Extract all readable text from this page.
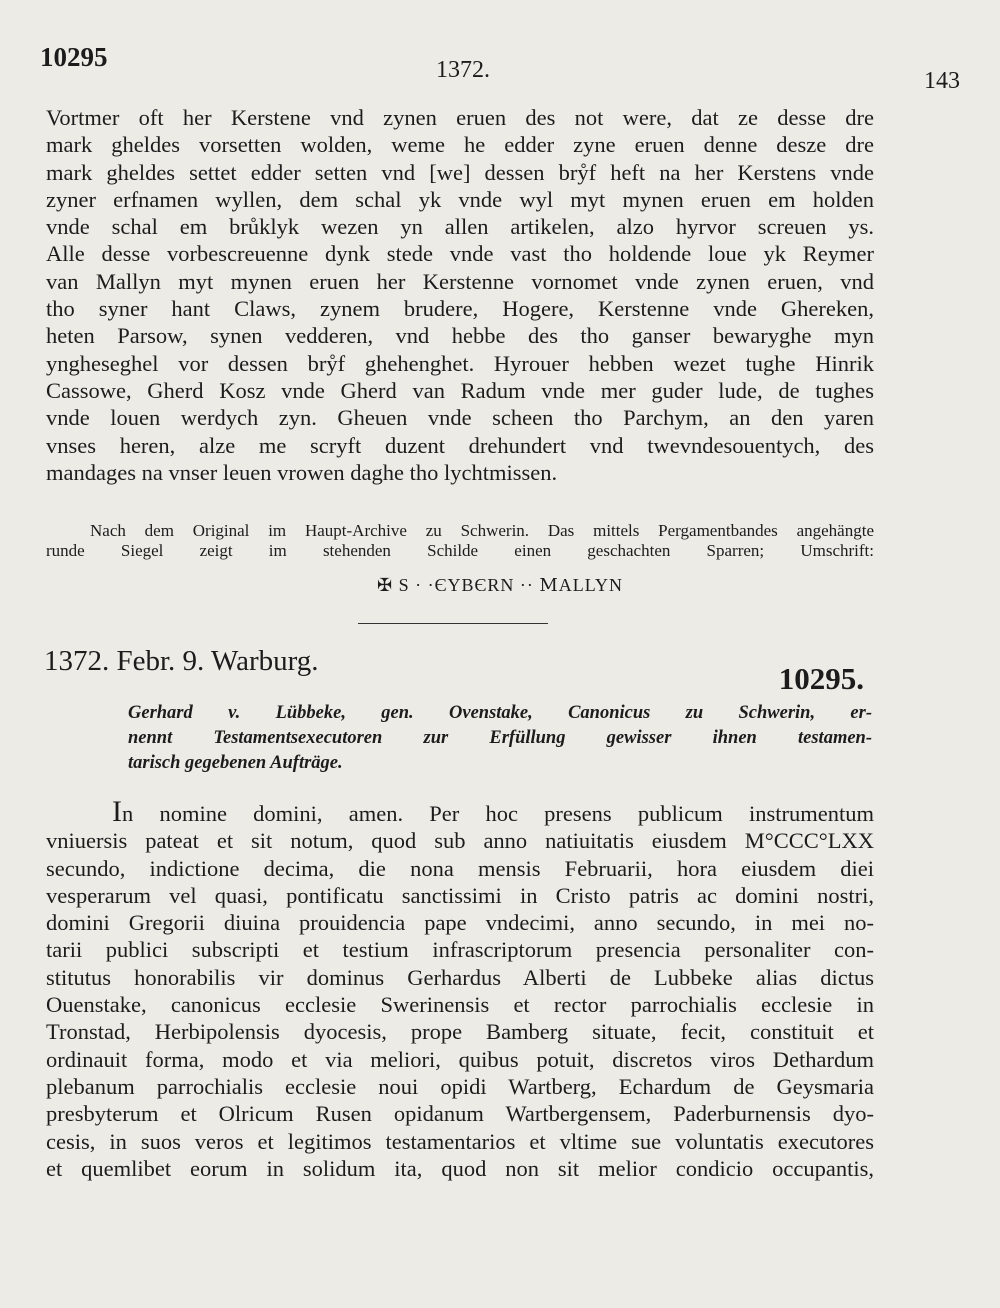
10295	1372.	143
Vortmer oft her Kerstene vnd zynen eruen des not were, dat ze desse dre
mark gheldes vorsetten wolden, weme he edder zyne eruen denne desze dre
mark gheldes settet edder setten vnd [we] dessen brẙf heft na her Kerstens vnde
zyner erfnamen wyllen, dem schal yk vnde wyl myt mynen eruen em holden
vnde schal em brůklyk wezen yn allen artikelen, alzo hyrvor screuen ys.
Alle desse vorbescreuenne dynk stede vnde vast tho holdende loue yk Reymer
van Mallyn myt mynen eruen her Kerstenne vornomet vnde zynen eruen, vnd
tho syner hant Claws, zynem brudere, Hogere, Kerstenne vnde Ghereken,
heten Parsow, synen vedderen, vnd hebbe des tho ganser bewaryghe myn
yngheseghel vor dessen brẙf ghehenghet. Hyrouer hebben wezet tughe Hinrik
Cassowe, Gherd Kosz vnde Gherd van Radum vnde mer guder lude, de tughes
vnde louen werdych zyn. Gheuen vnde scheen tho Parchym, an den yaren
vnses heren, alze me scryft duzent drehundert vnd twevndesouentych, des
mandages na vnser leuen vrowen daghe tho lychtmissen.
Nach dem Original im Haupt-Archive zu Schwerin. Das mittels Pergamentbandes angehängte
runde Siegel zeigt im stehenden Schilde einen geschachten Sparren; Umschrift:
✠ S · ·ЄYBЄRN ·· ⅯALLYN
1372. Febr. 9. Warburg.	10295.
Gerhard v. Lübbeke, gen. Ovenstake, Canonicus zu Schwerin, er-
nennt Testamentsexecutoren zur Erfüllung gewisser ihnen testamen-
tarisch gegebenen Aufträge.
In nomine domini, amen. Per hoc presens publicum instrumentum
vniuersis pateat et sit notum, quod sub anno natiuitatis eiusdem M°CCC°LXX
secundo, indictione decima, die nona mensis Februarii, hora eiusdem diei
vesperarum vel quasi, pontificatu sanctissimi in Cristo patris ac domini nostri,
domini Gregorii diuina prouidencia pape vndecimi, anno secundo, in mei no-
tarii publici subscripti et testium infrascriptorum presencia personaliter con-
stitutus honorabilis vir dominus Gerhardus Alberti de Lubbeke alias dictus
Ouenstake, canonicus ecclesie Swerinensis et rector parrochialis ecclesie in
Tronstad, Herbipolensis dyocesis, prope Bamberg situate, fecit, constituit et
ordinauit forma, modo et via meliori, quibus potuit, discretos viros Dethardum
plebanum parrochialis ecclesie noui opidi Wartberg, Echardum de Geysmaria
presbyterum et Olricum Rusen opidanum Wartbergensem, Paderburnensis dyo-
cesis, in suos veros et legitimos testamentarios et vltime sue voluntatis executores
et quemlibet eorum in solidum ita, quod non sit melior condicio occupantis,
